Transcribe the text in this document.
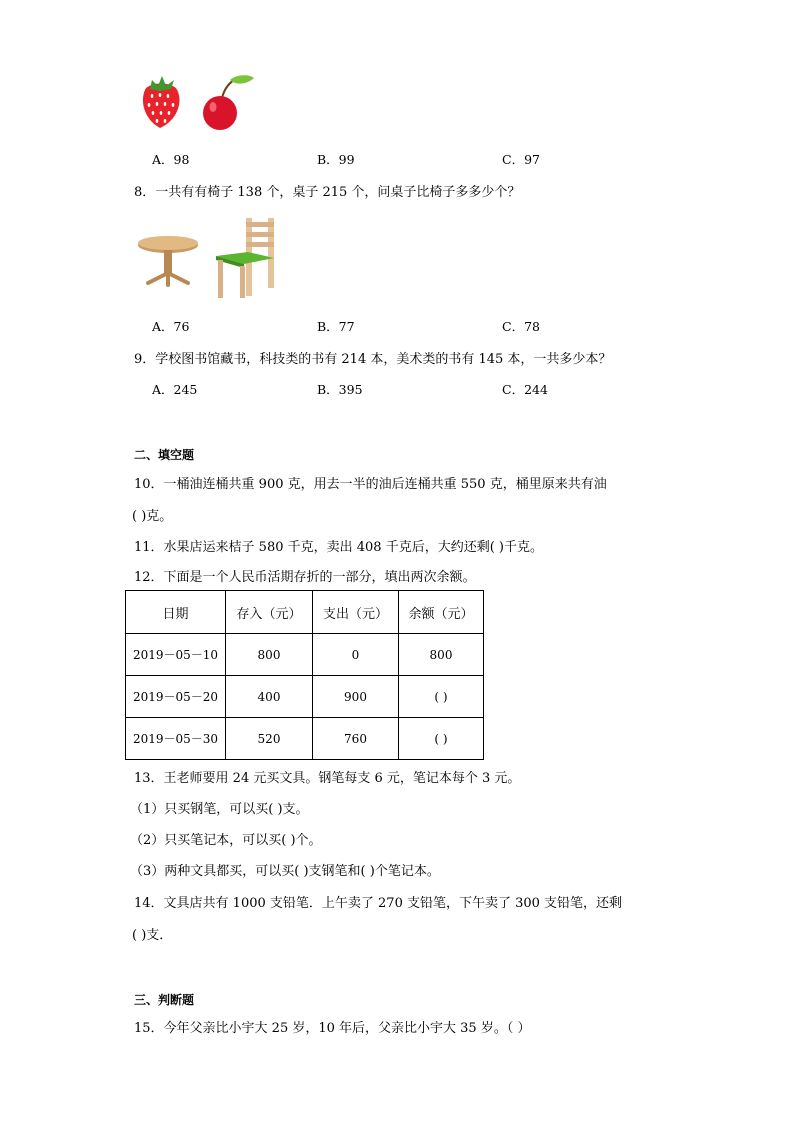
A．98	B．99	C．97
8．一共有有椅子 138 个，桌子 215 个，问桌子比椅子多多少个？
A．76	B．77	C．78
9．学校图书馆藏书，科技类的书有 214 本，美术类的书有 145 本，一共多少本？
A．245	B．395	C．244
二、填空题
10．一桶油连桶共重 900 克，用去一半的油后连桶共重 550 克，桶里原来共有油
( )克。
11．水果店运来桔子 580 千克，卖出 408 千克后，大约还剩( )千克。
12．下面是一个人民币活期存折的一部分，填出两次余额。
日期	存入（元）	支出（元）	余额（元）
2019－05－10	800	0	800
2019－05－20	400	900	( )
2019－05－30	520	760	( )
13．王老师要用 24 元买文具。钢笔每支 6 元，笔记本每个 3 元。
（1）只买钢笔，可以买( )支。
（2）只买笔记本，可以买( )个。
（3）两种文具都买，可以买( )支钢笔和( )个笔记本。
14．文具店共有 1000 支铅笔．上午卖了 270 支铅笔，下午卖了 300 支铅笔，还剩
( )支．
三、判断题
15．今年父亲比小宇大 25 岁，10 年后，父亲比小宇大 35 岁。（ ）
